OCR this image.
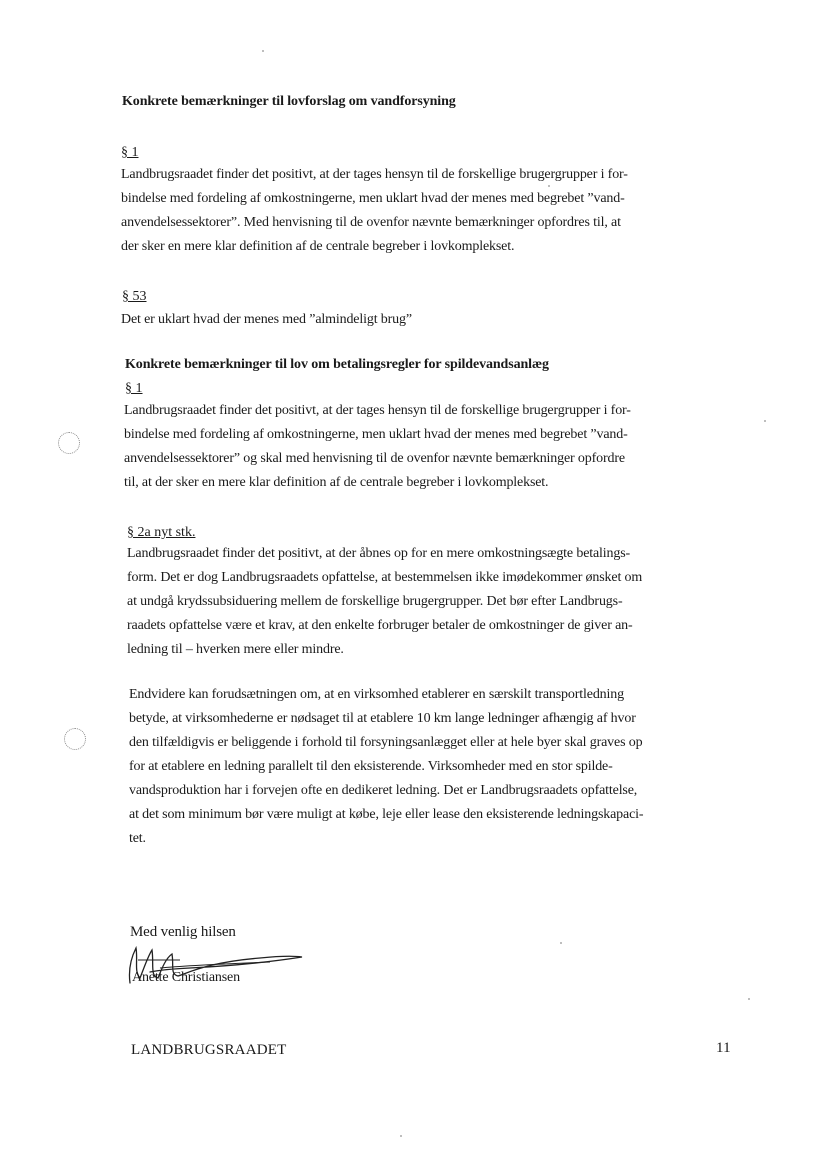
Konkrete bemærkninger til lovforslag om vandforsyning
§ 1
Landbrugsraadet finder det positivt, at der tages hensyn til de forskellige brugergrupper i for-
bindelse med fordeling af omkostningerne, men uklart hvad der menes med begrebet ”vand-
anvendelsessektorer”. Med henvisning til de ovenfor nævnte bemærkninger opfordres til, at
der sker en mere klar definition af de centrale begreber i lovkomplekset.
§ 53
Det er uklart hvad der menes med ”almindeligt brug”
Konkrete bemærkninger til lov om betalingsregler for spildevandsanlæg
§ 1
Landbrugsraadet finder det positivt, at der tages hensyn til de forskellige brugergrupper i for-
bindelse med fordeling af omkostningerne, men uklart hvad der menes med begrebet ”vand-
anvendelsessektorer” og skal med henvisning til de ovenfor nævnte bemærkninger opfordre
til, at der sker en mere klar definition af de centrale begreber i lovkomplekset.
§ 2a nyt stk.
Landbrugsraadet finder det positivt, at der åbnes op for en mere omkostningsægte betalings-
form. Det er dog Landbrugsraadets opfattelse, at bestemmelsen ikke imødekommer ønsket om
at undgå krydssubsiduering mellem de forskellige brugergrupper. Det bør efter Landbrugs-
raadets opfattelse være et krav, at den enkelte forbruger betaler de omkostninger de giver an-
ledning til – hverken mere eller mindre.
Endvidere kan forudsætningen om, at en virksomhed etablerer en særskilt transportledning
betyde, at virksomhederne er nødsaget til at etablere 10 km lange ledninger afhængig af hvor
den tilfældigvis er beliggende i forhold til forsyningsanlægget eller at hele byer skal graves op
for at etablere en ledning parallelt til den eksisterende. Virksomheder med en stor spilde-
vandsproduktion har i forvejen ofte en dedikeret ledning. Det er Landbrugsraadets opfattelse,
at det som minimum bør være muligt at købe, leje eller lease den eksisterende ledningskapaci-
tet.
Med venlig hilsen
Anette Christiansen
LANDBRUGSRAADET	11
